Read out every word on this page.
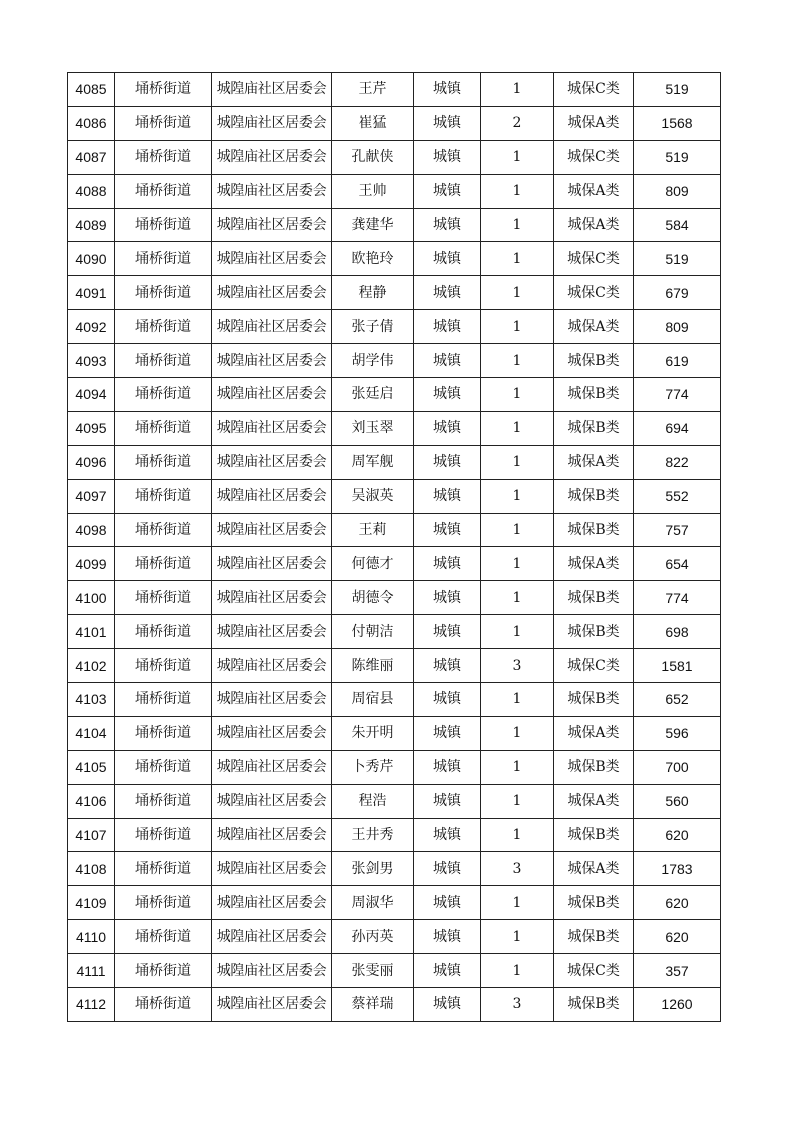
4085	埇桥街道	城隍庙社区居委会	王芹	城镇	1	城保C类	519
4086	埇桥街道	城隍庙社区居委会	崔猛	城镇	2	城保A类	1568
4087	埇桥街道	城隍庙社区居委会	孔献侠	城镇	1	城保C类	519
4088	埇桥街道	城隍庙社区居委会	王帅	城镇	1	城保A类	809
4089	埇桥街道	城隍庙社区居委会	龚建华	城镇	1	城保A类	584
4090	埇桥街道	城隍庙社区居委会	欧艳玲	城镇	1	城保C类	519
4091	埇桥街道	城隍庙社区居委会	程静	城镇	1	城保C类	679
4092	埇桥街道	城隍庙社区居委会	张子倩	城镇	1	城保A类	809
4093	埇桥街道	城隍庙社区居委会	胡学伟	城镇	1	城保B类	619
4094	埇桥街道	城隍庙社区居委会	张廷启	城镇	1	城保B类	774
4095	埇桥街道	城隍庙社区居委会	刘玉翠	城镇	1	城保B类	694
4096	埇桥街道	城隍庙社区居委会	周军舰	城镇	1	城保A类	822
4097	埇桥街道	城隍庙社区居委会	吴淑英	城镇	1	城保B类	552
4098	埇桥街道	城隍庙社区居委会	王莉	城镇	1	城保B类	757
4099	埇桥街道	城隍庙社区居委会	何德才	城镇	1	城保A类	654
4100	埇桥街道	城隍庙社区居委会	胡德令	城镇	1	城保B类	774
4101	埇桥街道	城隍庙社区居委会	付朝洁	城镇	1	城保B类	698
4102	埇桥街道	城隍庙社区居委会	陈维丽	城镇	3	城保C类	1581
4103	埇桥街道	城隍庙社区居委会	周宿县	城镇	1	城保B类	652
4104	埇桥街道	城隍庙社区居委会	朱开明	城镇	1	城保A类	596
4105	埇桥街道	城隍庙社区居委会	卜秀芹	城镇	1	城保B类	700
4106	埇桥街道	城隍庙社区居委会	程浩	城镇	1	城保A类	560
4107	埇桥街道	城隍庙社区居委会	王井秀	城镇	1	城保B类	620
4108	埇桥街道	城隍庙社区居委会	张剑男	城镇	3	城保A类	1783
4109	埇桥街道	城隍庙社区居委会	周淑华	城镇	1	城保B类	620
4110	埇桥街道	城隍庙社区居委会	孙丙英	城镇	1	城保B类	620
4111	埇桥街道	城隍庙社区居委会	张雯丽	城镇	1	城保C类	357
4112	埇桥街道	城隍庙社区居委会	蔡祥瑞	城镇	3	城保B类	1260
